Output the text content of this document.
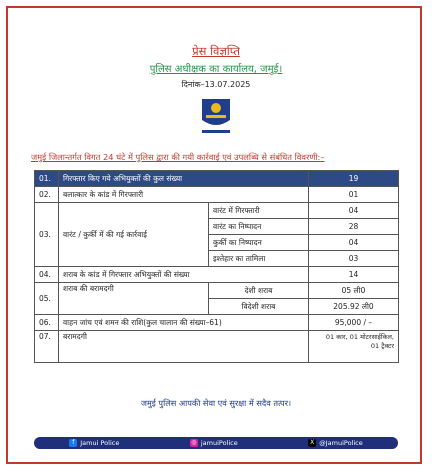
प्रेस विज्ञप्ति
पुलिस अधीक्षक का कार्यालय, जमुई।
दिनांक–13.07.2025
जमुई जिलान्तर्गत विगत 24 घंटे में पुलिस द्वारा की गयी कार्रवाई एवं उपलब्धि से संबंधित विवरणी:–
01.	गिरफ्तार किए गये अभियुक्तों की कुल संख्या		19
02.	बलात्कार के कांड में गिरफ्तारी		01
03.	वारंट / कुर्की में की गई कार्रवाई	वारंट में गिरफ्तारी	04
		वारंट का निष्पादन	28
		कुर्की का निष्पादन	04
		इश्तेहार का तामिला	03
04.	शराब के कांड में गिरफ्तार अभियुक्तों की संख्या		14
05.	शराब की बरामदगी	देशी शराब	05 ली0
		विदेशी शराब	205.92 ली0
06.	वाहन जांच एवं शमन की राशि(कुल चालान की संख्या–61)		95,000 / –
07.	बरामदगी		01 कार, 01 मोटरसाईकिल,
01 ट्रैक्टर
जमुई पुलिस आपकी सेवा एवं सुरक्षा में सदैव तत्पर।
f Jamui Police	◎ jamuiPolice	X @JamuiPolice
